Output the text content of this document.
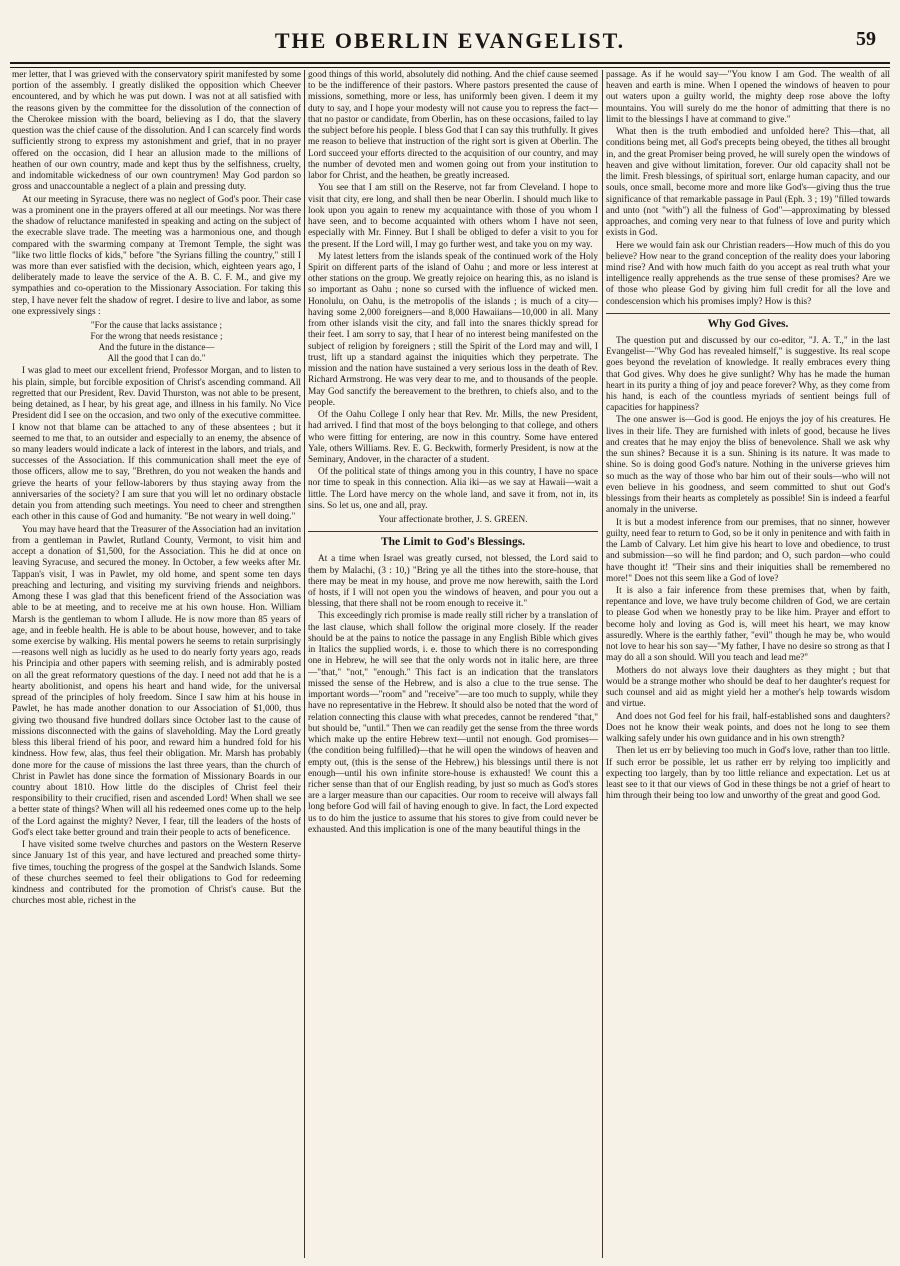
THE OBERLIN EVANGELIST.	59

mer letter, that I was grieved with the conservatory spirit manifested by some portion of the assembly. I greatly disliked the opposition which Cheever encountered, and by which he was put down. I was not at all satisfied with the reasons given by the committee for the dissolution of the connection of the Cherokee mission with the board, believing as I do, that the slavery question was the chief cause of the dissolution. And I can scarcely find words sufficiently strong to express my astonishment and grief, that in no prayer offered on the occasion, did I hear an allusion made to the millions of heathen of our own country, made and kept thus by the selfishness, cruelty, and indomitable wickedness of our own countrymen! May God pardon so gross and unaccountable a neglect of a plain and pressing duty.

At our meeting in Syracuse, there was no neglect of God's poor. Their case was a prominent one in the prayers offered at all our meetings. Nor was there the shadow of reluctance manifested in speaking and acting on the subject of the execrable slave trade. The meeting was a harmonious one, and though compared with the swarming company at Tremont Temple, the sight was "like two little flocks of kids," before "the Syrians filling the country," still I was more than ever satisfied with the decision, which, eighteen years ago, I deliberately made to leave the service of the A. B. C. F. M., and give my sympathies and co-operation to the Missionary Association. For taking this step, I have never felt the shadow of regret. I desire to live and labor, as some one expressively sings :

"For the cause that lacks assistance ;
For the wrong that needs resistance ;
And the future in the distance—
All the good that I can do."

I was glad to meet our excellent friend, Professor Morgan, and to listen to his plain, simple, but forcible exposition of Christ's ascending command. All regretted that our President, Rev. David Thurston, was not able to be present, being detained, as I hear, by his great age, and illness in his family. No Vice President did I see on the occasion, and two only of the executive committee. I know not that blame can be attached to any of these absentees ; but it seemed to me that, to an outsider and especially to an enemy, the absence of so many leaders would indicate a lack of interest in the labors, and trials, and successes of the Association. If this communication shall meet the eye of those officers, allow me to say, "Brethren, do you not weaken the hands and grieve the hearts of your fellow-laborers by thus staying away from the anniversaries of the society? I am sure that you will let no ordinary obstacle detain you from attending such meetings. You need to cheer and strengthen each other in this cause of God and humanity. "Be not weary in well doing."

You may have heard that the Treasurer of the Association had an invitation from a gentleman in Pawlet, Rutland County, Vermont, to visit him and accept a donation of $1,500, for the Association. This he did at once on leaving Syracuse, and secured the money. In October, a few weeks after Mr. Tappan's visit, I was in Pawlet, my old home, and spent some ten days preaching and lecturing, and visiting my surviving friends and neighbors. Among these I was glad that this beneficent friend of the Association was able to be at meeting, and to receive me at his own house. Hon. William Marsh is the gentleman to whom I allude. He is now more than 85 years of age, and in feeble health. He is able to be about house, however, and to take some exercise by walking. His mental powers he seems to retain surprisingly—reasons well nigh as lucidly as he used to do nearly forty years ago, reads his Principia and other papers with seeming relish, and is admirably posted on all the great reformatory questions of the day. I need not add that he is a hearty abolitionist, and opens his heart and hand wide, for the universal spread of the principles of holy freedom. Since I saw him at his house in Pawlet, he has made another donation to our Association of $1,000, thus giving two thousand five hundred dollars since October last to the cause of missions disconnected with the gains of slaveholding. May the Lord greatly bless this liberal friend of his poor, and reward him a hundred fold for his kindness. How few, alas, thus feel their obligation. Mr. Marsh has probably done more for the cause of missions the last three years, than the church of Christ in Pawlet has done since the formation of Missionary Boards in our country about 1810. How little do the disciples of Christ feel their responsibility to their crucified, risen and ascended Lord! When shall we see a better state of things? When will all his redeemed ones come up to the help of the Lord against the mighty? Never, I fear, till the leaders of the hosts of God's elect take better ground and train their people to acts of beneficence.

I have visited some twelve churches and pastors on the Western Reserve since January 1st of this year, and have lectured and preached some thirty-five times, touching the progress of the gospel at the Sandwich Islands. Some of these churches seemed to feel their obligations to God for redeeming kindness and contributed for the promotion of Christ's cause. But the churches most able, richest in the

good things of this world, absolutely did nothing. And the chief cause seemed to be the indifference of their pastors. Where pastors presented the cause of missions, something, more or less, has uniformly been given. I deem it my duty to say, and I hope your modesty will not cause you to repress the fact—that no pastor or candidate, from Oberlin, has on these occasions, failed to lay the subject before his people. I bless God that I can say this truthfully. It gives me reason to believe that instruction of the right sort is given at Oberlin. The Lord succeed your efforts directed to the acquisition of our country, and may the number of devoted men and women going out from your institution to labor for Christ, and the heathen, be greatly increased.

You see that I am still on the Reserve, not far from Cleveland. I hope to visit that city, ere long, and shall then be near Oberlin. I should much like to look upon you again to renew my acquaintance with those of you whom I have seen, and to become acquainted with others whom I have not seen, especially with Mr. Finney. But I shall be obliged to defer a visit to you for the present. If the Lord will, I may go further west, and take you on my way.

My latest letters from the islands speak of the continued work of the Holy Spirit on different parts of the island of Oahu ; and more or less interest at other stations on the group. We greatly rejoice on hearing this, as no island is so important as Oahu ; none so cursed with the influence of wicked men. Honolulu, on Oahu, is the metropolis of the islands ; is much of a city—having some 2,000 foreigners—and 8,000 Hawaiians—10,000 in all. Many from other islands visit the city, and fall into the snares thickly spread for their feet. I am sorry to say, that I hear of no interest being manifested on the subject of religion by foreigners ; still the Spirit of the Lord may and will, I trust, lift up a standard against the iniquities which they perpetrate. The mission and the nation have sustained a very serious loss in the death of Rev. Richard Armstrong. He was very dear to me, and to thousands of the people. May God sanctify the bereavement to the brethren, to chiefs also, and to the people.

Of the Oahu College I only hear that Rev. Mr. Mills, the new President, had arrived. I find that most of the boys belonging to that college, and others who were fitting for entering, are now in this country. Some have entered Yale, others Williams. Rev. E. G. Beckwith, formerly President, is now at the Seminary, Andover, in the character of a student.

Of the political state of things among you in this country, I have no space nor time to speak in this connection. Alia iki—as we say at Hawaii—wait a little. The Lord have mercy on the whole land, and save it from, not in, its sins. So let us, one and all, pray.

Your affectionate brother, J. S. GREEN.
The Limit to God's Blessings.

At a time when Israel was greatly cursed, not blessed, the Lord said to them by Malachi, (3 : 10,) "Bring ye all the tithes into the store-house, that there may be meat in my house, and prove me now herewith, saith the Lord of hosts, if I will not open you the windows of heaven, and pour you out a blessing, that there shall not be room enough to receive it."

This exceedingly rich promise is made really still richer by a translation of the last clause, which shall follow the original more closely. If the reader should be at the pains to notice the passage in any English Bible which gives in Italics the supplied words, i. e. those to which there is no corresponding one in Hebrew, he will see that the only words not in italic here, are three—"that," "not," "enough." This fact is an indication that the translators missed the sense of the Hebrew, and is also a clue to the true sense. The important words—"room" and "receive"—are too much to supply, while they have no representative in the Hebrew. It should also be noted that the word of relation connecting this clause with what precedes, cannot be rendered "that," but should be, "until." Then we can readily get the sense from the three words which make up the entire Hebrew text—until not enough. God promises—(the condition being fulfilled)—that he will open the windows of heaven and empty out, (this is the sense of the Hebrew,) his blessings until there is not enough—until his own infinite store-house is exhausted! We count this a richer sense than that of our English reading, by just so much as God's stores are a larger measure than our capacities. Our room to receive will always fall long before God will fail of having enough to give. In fact, the Lord expected us to do him the justice to assume that his stores to give from could never be exhausted. And this implication is one of the many beautiful things in the

passage. As if he would say—"You know I am God. The wealth of all heaven and earth is mine. When I opened the windows of heaven to pour out waters upon a guilty world, the mighty deep rose above the lofty mountains. You will surely do me the honor of admitting that there is no limit to the blessings I have at command to give."

What then is the truth embodied and unfolded here? This—that, all conditions being met, all God's precepts being obeyed, the tithes all brought in, and the great Promiser being proved, he will surely open the windows of heaven and give without limitation, forever. Our old capacity shall not be the limit. Fresh blessings, of spiritual sort, enlarge human capacity, and our souls, once small, become more and more like God's—giving thus the true significance of that remarkable passage in Paul (Eph. 3 ; 19) "filled towards and unto (not "with") all the fulness of God"—approximating by blessed approaches, and coming very near to that fulness of love and purity which exists in God.

Here we would fain ask our Christian readers—How much of this do you believe? How near to the grand conception of the reality does your laboring mind rise? And with how much faith do you accept as real truth what your intelligence really apprehends as the true sense of these promises? Are we of those who please God by giving him full credit for all the love and condescension which his promises imply? How is this?

Why God Gives.

The question put and discussed by our co-editor, "J. A. T.," in the last Evangelist—"Why God has revealed himself," is suggestive. Its real scope goes beyond the revelation of knowledge. It really embraces every thing that God gives. Why does he give sunlight? Why has he made the human heart in its purity a thing of joy and peace forever? Why, as they come from his hand, is each of the countless myriads of sentient beings full of capacities for happiness?

The one answer is—God is good. He enjoys the joy of his creatures. He lives in their life. They are furnished with inlets of good, because he lives and creates that he may enjoy the bliss of benevolence. Shall we ask why the sun shines? Because it is a sun. Shining is its nature. It was made to shine. So is doing good God's nature. Nothing in the universe grieves him so much as the way of those who bar him out of their souls—who will not even believe in his goodness, and seem committed to shut out God's blessings from their hearts as completely as possible! Sin is indeed a fearful anomaly in the universe.

It is but a modest inference from our premises, that no sinner, however guilty, need fear to return to God, so be it only in penitence and with faith in the Lamb of Calvary. Let him give his heart to love and obedience, to trust and submission—so will he find pardon; and O, such pardon—who could have thought it! "Their sins and their iniquities shall be remembered no more!" Does not this seem like a God of love?

It is also a fair inference from these premises that, when by faith, repentance and love, we have truly become children of God, we are certain to please God when we honestly pray to be like him. Prayer and effort to become holy and loving as God is, will meet his heart, we may know assuredly. Where is the earthly father, "evil" though he may be, who would not love to hear his son say—"My father, I have no desire so strong as that I may do all a son should. Will you teach and lead me?"

Mothers do not always love their daughters as they might ; but that would be a strange mother who should be deaf to her daughter's request for such counsel and aid as might yield her a mother's help towards wisdom and virtue.

And does not God feel for his frail, half-established sons and daughters? Does not he know their weak points, and does not he long to see them walking safely under his own guidance and in his own strength?

Then let us err by believing too much in God's love, rather than too little. If such error be possible, let us rather err by relying too implicitly and expecting too largely, than by too little reliance and expectation. Let us at least see to it that our views of God in these things be not a grief of heart to him through their being too low and unworthy of the great and good God.
